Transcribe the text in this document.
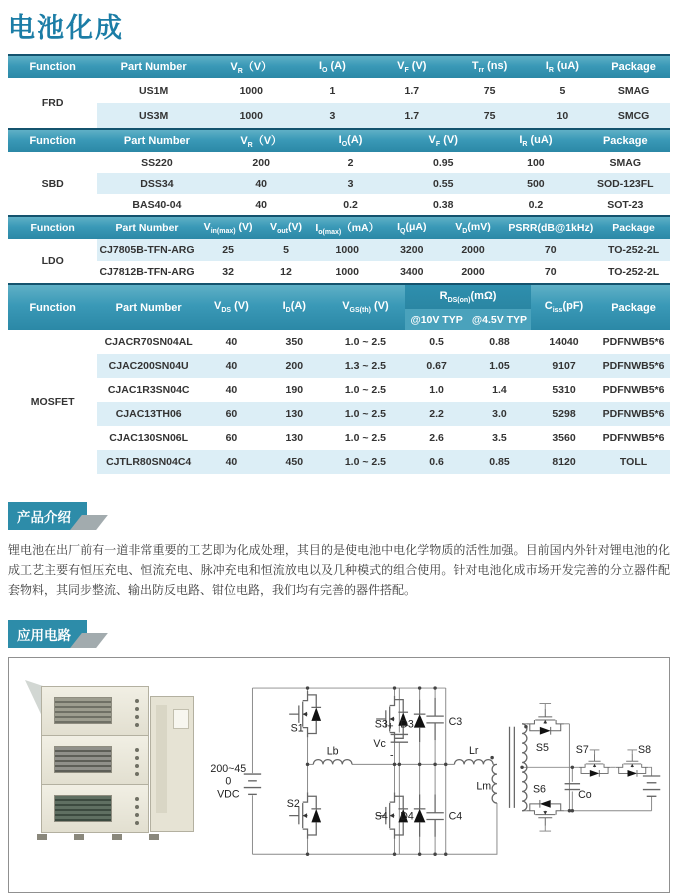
电池化成
Function	Part Number	$V_R(V)$	$I_O$ (A)	$V_F$ (V)	$T_{rr}$ (ns)	$I_R$ (uA)	Package
FRD	US1M	1000	1	1.7	75	5	SMAG
	US3M	1000	3	1.7	75	10	SMCG
Function	Part Number	$V_R(V)$	$I_O(A)$	$V_F$ (V)	$I_R$ (uA)	Package
SBD	SS220	200	2	0.95	100	SMAG
	DSS34	40	3	0.55	500	SOD-123FL
	BAS40-04	40	0.2	0.38	0.2	SOT-23
Function	Part Number	$V_{in(max)}$ (V)	$V_{out}(V)$	$I_{o(max)}(mA)$	$I_Q(\mu A)$	$V_D(mV)$	PSRR(dB@1kHz)	Package
LDO	CJ7805B-TFN-ARG	25	5	1000	3200	2000	70	TO-252-2L
	CJ7812B-TFN-ARG	32	12	1000	3400	2000	70	TO-252-2L
Function	Part Number	$V_{DS}$ (V)	$I_D(A)$	$V_{GS(th)}$ (V)	$R_{DS(on)}(m\Omega)$		$C_{iss}(pF)$	Package
					@10V TYP	@4.5V TYP		
MOSFET	CJACR70SN04AL	40	350	1.0 ~ 2.5	0.5	0.88	14040	PDFNWB5*6
	CJAC200SN04U	40	200	1.3 ~ 2.5	0.67	1.05	9107	PDFNWB5*6
	CJAC1R3SN04C	40	190	1.0 ~ 2.5	1.0	1.4	5310	PDFNWB5*6
	CJAC13TH06	60	130	1.0 ~ 2.5	2.2	3.0	5298	PDFNWB5*6
	CJAC130SN06L	60	130	1.0 ~ 2.5	2.6	3.5	3560	PDFNWB5*6
	CJTLR80SN04C4	40	450	1.0 ~ 2.5	0.6	0.85	8120	TOLL
产品介绍

锂电池在出厂前有一道非常重要的工艺即为化成处理，其目的是使电池中电化学物质的活性加强。目前国内外针对锂电池的化成工艺主要有恒压充电、恒流充电、脉冲充电和恒流放电以及几种模式的组合使用。针对电池化成市场开发完善的分立器件配套物料，其同步整流、输出防反电路、钳位电路，我们均有完善的器件搭配。

应用电路
200~45
0
VDC
S1
S2
Lb
+
Vc
-
S3 D3	C3
S4 D4	C4
Lr
Lm
S5
S6
S7	S8
Co
